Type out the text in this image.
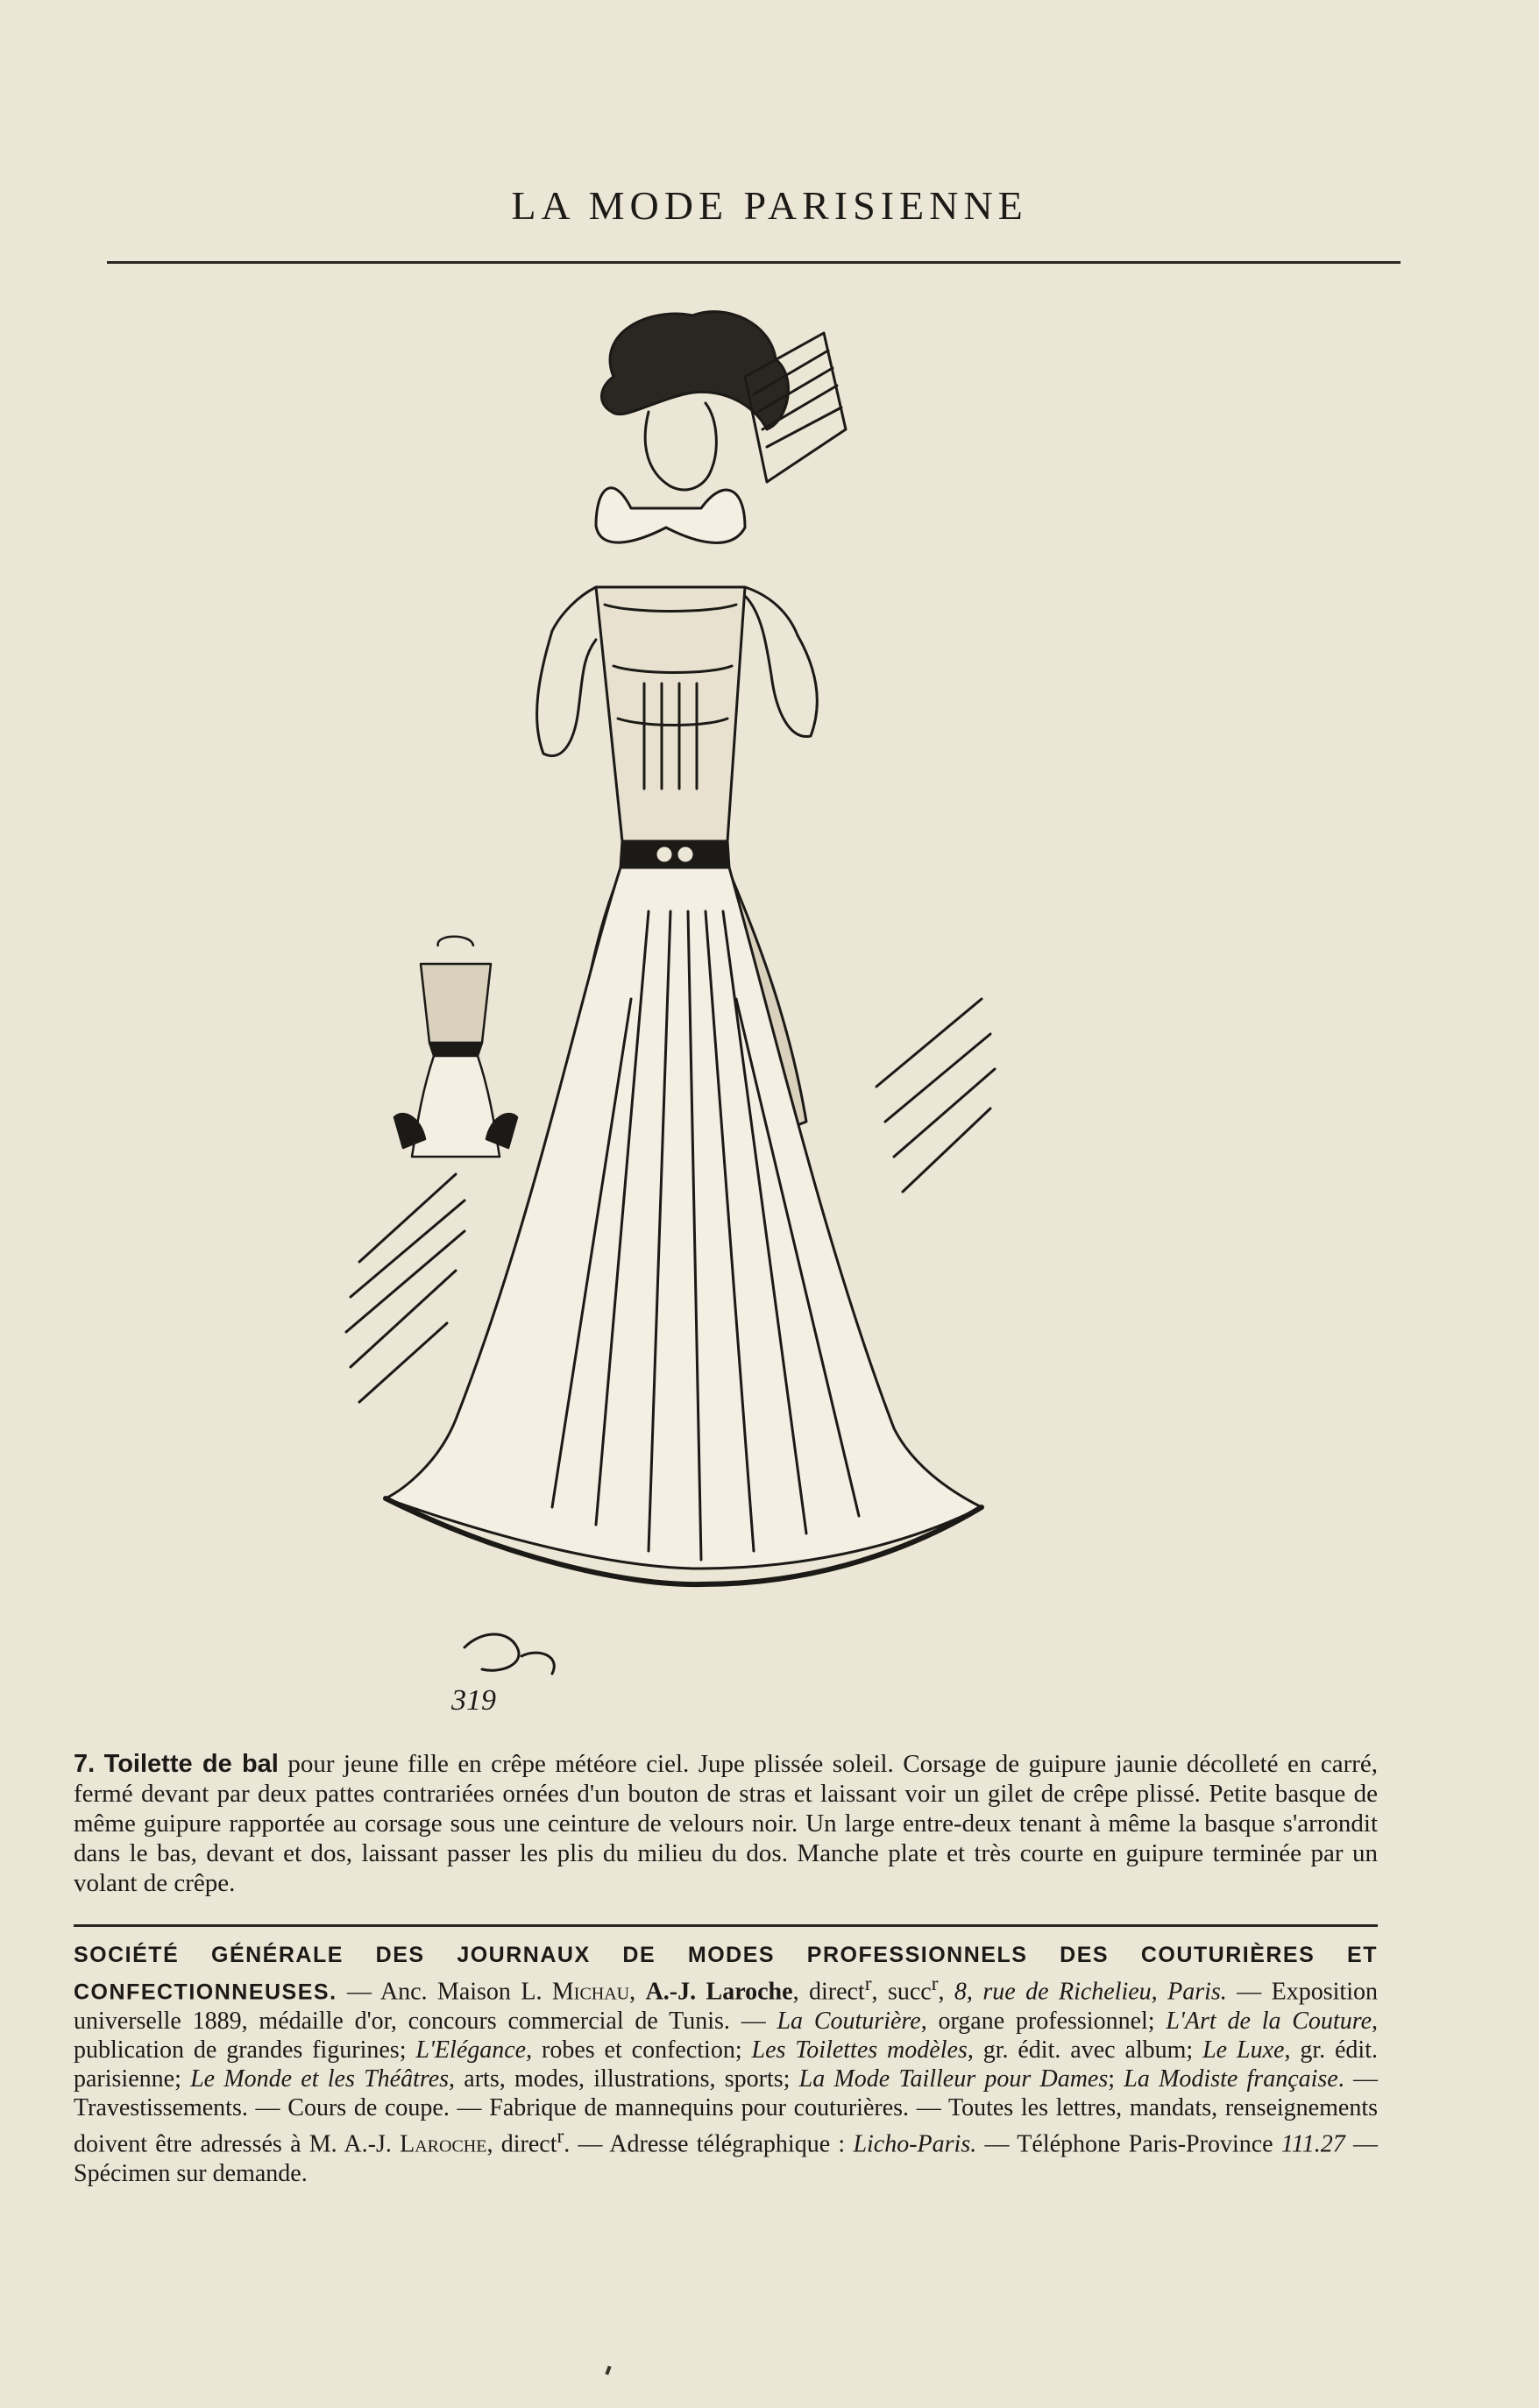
LA MODE PARISIENNE
319
7. Toilette de bal pour jeune fille en crêpe météore ciel. Jupe plissée soleil. Corsage de guipure jaunie décolleté en carré, fermé devant par deux pattes contrariées ornées d'un bouton de stras et laissant voir un gilet de crêpe plissé. Petite basque de même guipure rapportée au corsage sous une ceinture de velours noir. Un large entre-deux tenant à même la basque s'arrondit dans le bas, devant et dos, laissant passer les plis du milieu du dos. Manche plate et très courte en guipure terminée par un volant de crêpe.
SOCIÉTÉ GÉNÉRALE DES JOURNAUX DE MODES PROFESSIONNELS DES COUTURIÈRES ET CONFECTIONNEUSES. — Anc. Maison L. Michau, A.-J. Laroche, direct$^r$, succ$^r$, 8, rue de Richelieu, Paris. — Exposition universelle 1889, médaille d'or, concours commercial de Tunis. — La Couturière, organe professionnel; L'Art de la Couture, publication de grandes figurines; L'Elégance, robes et confection; Les Toilettes modèles, gr. édit. avec album; Le Luxe, gr. édit. parisienne; Le Monde et les Théâtres, arts, modes, illustrations, sports; La Mode Tailleur pour Dames; La Modiste française. — Travestissements. — Cours de coupe. — Fabrique de mannequins pour couturières. — Toutes les lettres, mandats, renseignements doivent être adressés à M. A.-J. Laroche, direct$^r$. — Adresse télégraphique : Licho-Paris. — Téléphone Paris-Province 111.27 — Spécimen sur demande.
